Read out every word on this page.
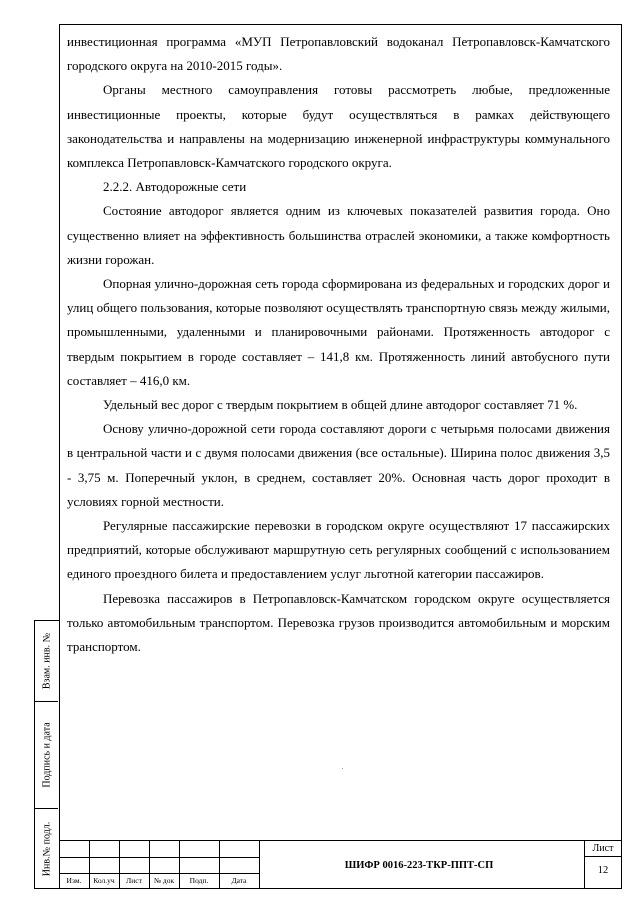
Взам. инв. №
Подпись и дата
Инв.№ подл.

инвестиционная программа «МУП Петропавловский водоканал Петропавловск-Камчатского городского округа на 2010-2015 годы».

Органы местного самоуправления готовы рассмотреть любые, предложенные инвестиционные проекты, которые будут осуществляться в рамках действующего законодательства и направлены на модернизацию инженерной инфраструктуры коммунального комплекса Петропавловск-Камчатского городского округа.

2.2.2. Автодорожные сети

Состояние автодорог является одним из ключевых показателей развития города. Оно существенно влияет на эффективность большинства отраслей экономики, а также комфортность жизни горожан.

Опорная улично-дорожная сеть города сформирована из федеральных и городских дорог и улиц общего пользования, которые позволяют осуществлять транспортную связь между жилыми, промышленными, удаленными и планировочными районами. Протяженность автодорог с твердым покрытием в городе составляет – 141,8 км. Протяженность линий автобусного пути составляет – 416,0 км.

Удельный вес дорог с твердым покрытием в общей длине автодорог составляет 71 %.

Основу улично-дорожной сети города составляют дороги с четырьмя полосами движения в центральной части и с двумя полосами движения (все остальные). Ширина полос движения 3,5 - 3,75 м. Поперечный уклон, в среднем, составляет 20%. Основная часть дорог проходит в условиях горной местности.

Регулярные пассажирские перевозки в городском округе осуществляют 17 пассажирских предприятий, которые обслуживают маршрутную сеть регулярных сообщений с использованием единого проездного билета и предоставлением услуг льготной категории пассажиров.

Перевозка пассажиров в Петропавловск-Камчатском городском округе осуществляется только автомобильным транспортом. Перевозка грузов производится автомобильным и морским транспортом.

Изм.	Кол.уч	Лист	№ док	Подп.	Дата
ШИФР 0016-223-ТКР-ППТ-СП
Лист
12
